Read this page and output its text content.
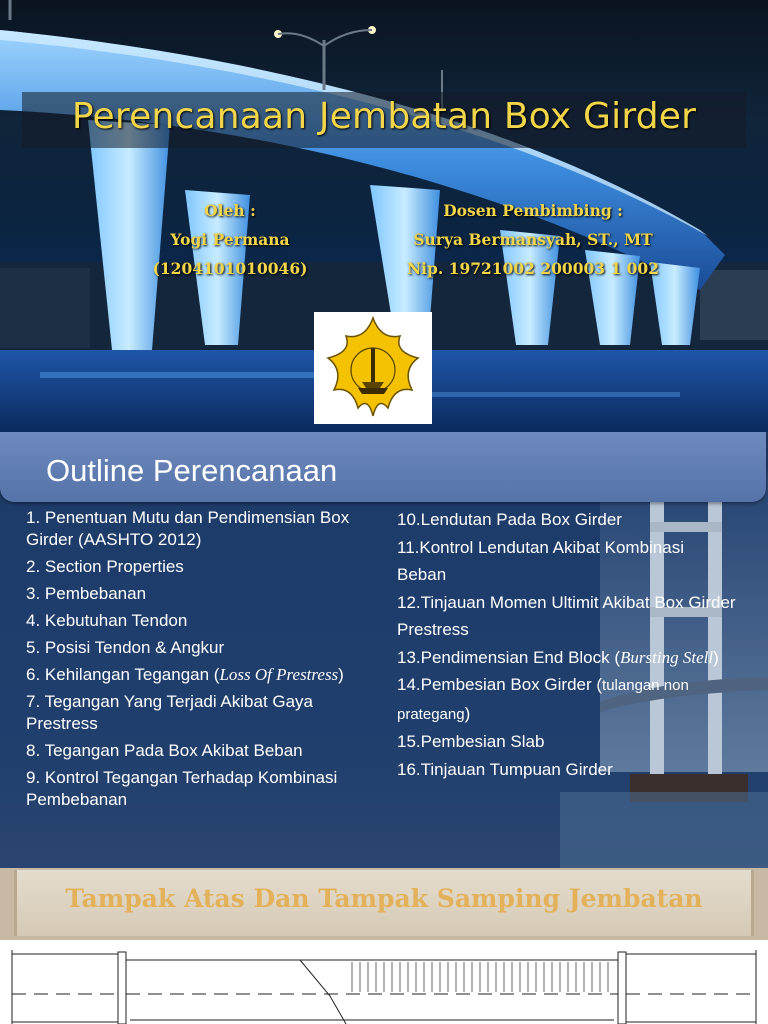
Perencanaan Jembatan Box Girder
Oleh :
Yogi Permana
(1204101010046)
Dosen Pembimbing :
Surya Bermansyah, ST., MT
Nip. 19721002 200003 1 002
Outline Perencanaan
1. Penentuan Mutu dan Pendimensian Box Girder (AASHTO 2012)
2. Section Properties
3. Pembebanan
4. Kebutuhan Tendon
5. Posisi Tendon & Angkur
6. Kehilangan Tegangan (Loss Of Prestress)
7. Tegangan Yang Terjadi Akibat Gaya Prestress
8. Tegangan Pada Box Akibat Beban
9. Kontrol Tegangan Terhadap Kombinasi Pembebanan
10.Lendutan Pada Box Girder
11.Kontrol Lendutan Akibat Kombinasi Beban
12.Tinjauan Momen Ultimit Akibat Box Girder Prestress
13.Pendimensian End Block (Bursting Stell)
14.Pembesian Box Girder (tulangan non prategang)
15.Pembesian Slab
16.Tinjauan Tumpuan Girder
Tampak Atas Dan Tampak Samping Jembatan
